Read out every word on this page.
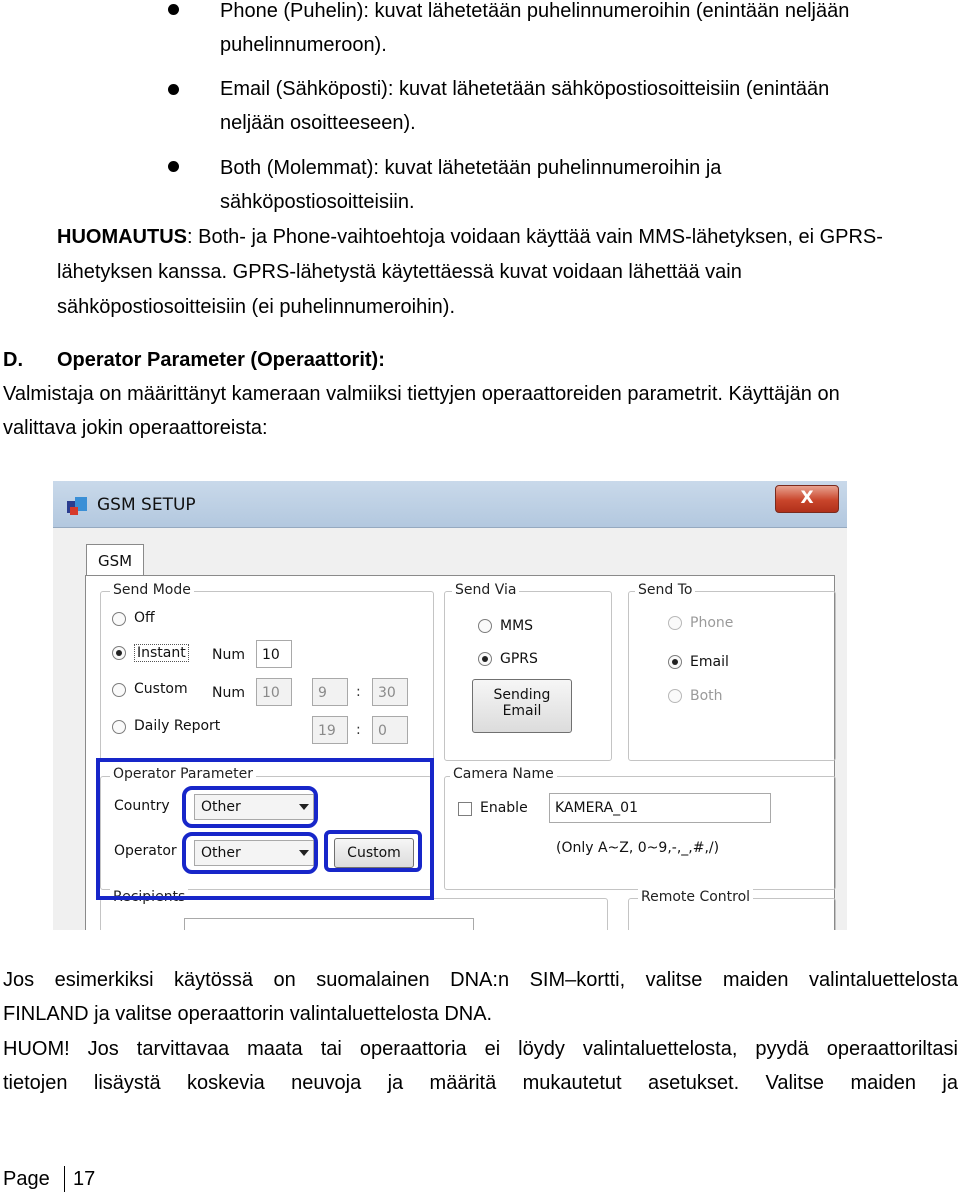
Phone (Puhelin): kuvat lähetetään puhelinnumeroihin (enintään neljään
puhelinnumeroon).
Email (Sähköposti): kuvat lähetetään sähköpostiosoitteisiin (enintään
neljään osoitteeseen).
Both (Molemmat): kuvat lähetetään puhelinnumeroihin ja
sähköpostiosoitteisiin.
HUOMAUTUS: Both- ja Phone-vaihtoehtoja voidaan käyttää vain MMS-lähetyksen, ei GPRS-
lähetyksen kanssa. GPRS-lähetystä käytettäessä kuvat voidaan lähettää vain
sähköpostiosoitteisiin (ei puhelinnumeroihin).
D. Operator Parameter (Operaattorit):
Valmistaja on määrittänyt kameraan valmiiksi tiettyjen operaattoreiden parametrit. Käyttäjän on
valittava jokin operaattoreista:
GSM SETUP	X
GSM
Send Mode
Off
Instant Num	10
Custom Num	10	9	:	30
Daily Report	19	:	0
Send Via
MMS
GPRS
Sending
Email
Send To
Phone
Email
Both
Operator Parameter
Country	Other
Operator	Other	Custom
Camera Name
Enable	KAMERA_01
(Only A~Z, 0~9,-,_,#,/)
Recipients	Remote Control
Jos esimerkiksi käytössä on suomalainen DNA:n SIM–kortti, valitse maiden valintaluettelosta
FINLAND ja valitse operaattorin valintaluettelosta DNA.
HUOM! Jos tarvittavaa maata tai operaattoria ei löydy valintaluettelosta, pyydä operaattoriltasi
tietojen lisäystä koskevia neuvoja ja määritä mukautetut asetukset. Valitse maiden ja
Page 17
